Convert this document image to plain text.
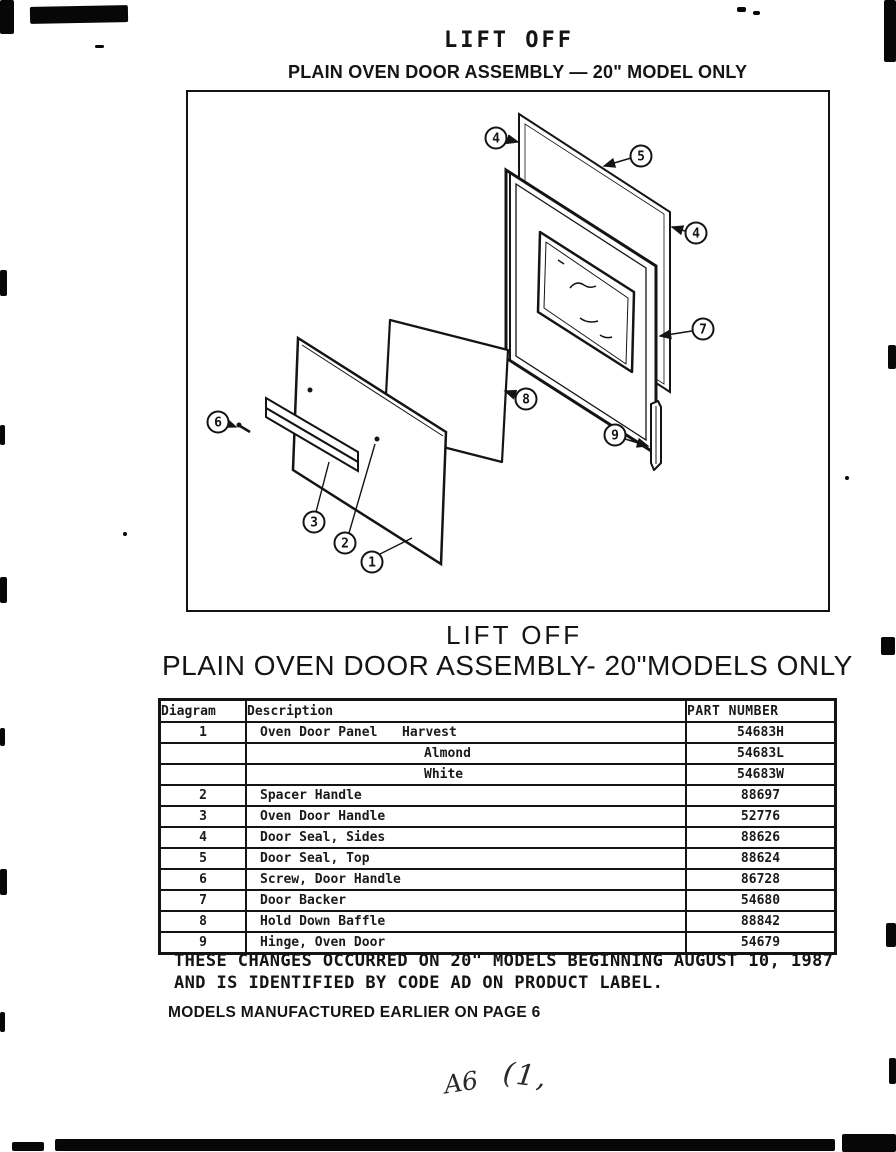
LIFT OFF
PLAIN OVEN DOOR ASSEMBLY — 20" MODEL ONLY
4
5
4
7
8
9
6
3
2
1
LIFT OFF
PLAIN OVEN DOOR ASSEMBLY- 20"MODELS ONLY
Diagram	Description	PART NUMBER
1	Oven Door Panel Harvest	54683H

	Almond	54683L

	White	54683W
2	Spacer Handle	88697
3	Oven Door Handle	52776
4	Door Seal, Sides	88626
5	Door Seal, Top	88624
6	Screw, Door Handle	86728
7	Door Backer	54680
8	Hold Down Baffle	88842
9	Hinge, Oven Door	54679
THESE CHANGES OCCURRED ON 20" MODELS BEGINNING AUGUST 10, 1987
AND IS IDENTIFIED BY CODE AD ON PRODUCT LABEL.
MODELS MANUFACTURED EARLIER ON PAGE 6
A6 (1,
